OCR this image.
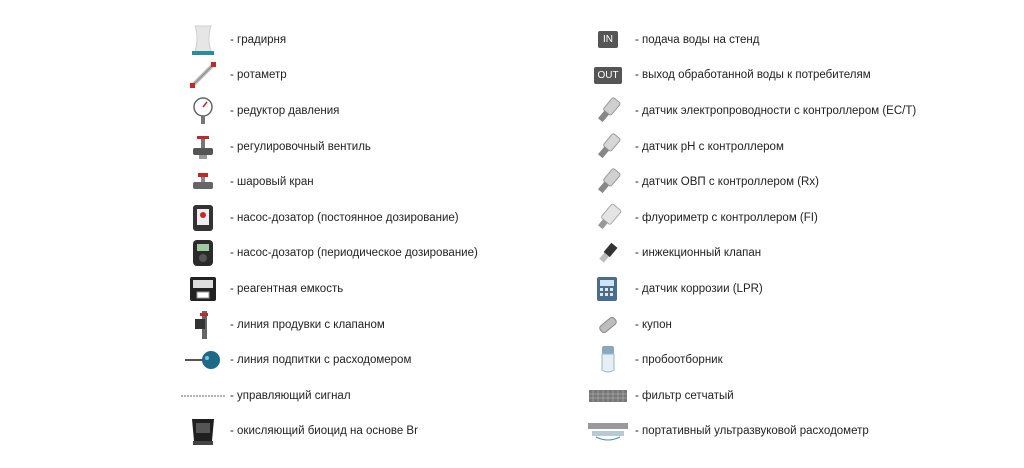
- градирня
- ротаметр
- редуктор давления
- регулировочный вентиль
- шаровый кран
- насос-дозатор (постоянное дозирование)
- насос-дозатор (периодическое дозирование)
- реагентная емкость
- линия продувки с клапаном
- линия подпитки с расходомером
- управляющий сигнал
- окисляющий биоцид на основе Br
IN	- подача воды на стенд
OUT - выход обработанной воды к потребителям
- датчик электропроводности с контроллером (EC/T)
- датчик pH с контроллером
- датчик ОВП с контроллером (Rx)
- флуориметр с контроллером (FI)
- инжекционный клапан
- датчик коррозии (LPR)
- купон
- пробоотборник
- фильтр сетчатый
- портативный ультразвуковой расходометр
